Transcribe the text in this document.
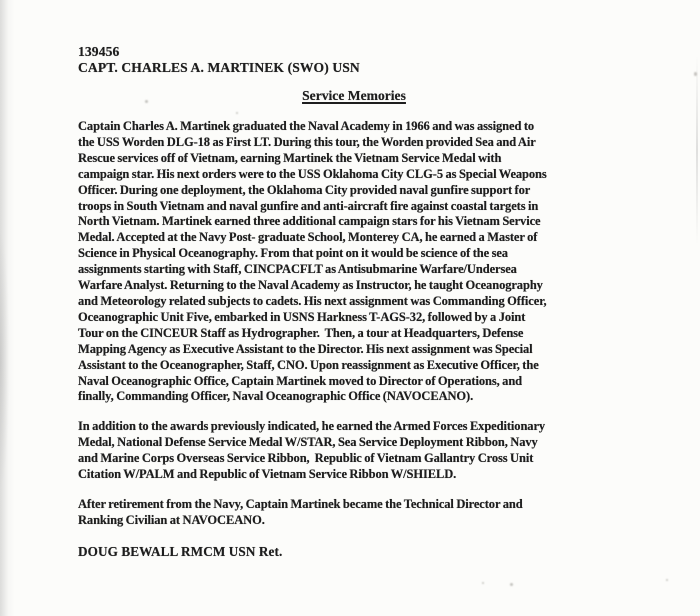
139456
CAPT. CHARLES A. MARTINEK (SWO) USN
Service Memories
Captain Charles A. Martinek graduated the Naval Academy in 1966 and was assigned to
the USS Worden DLG-18 as First LT. During this tour, the Worden provided Sea and Air
Rescue services off of Vietnam, earning Martinek the Vietnam Service Medal with
campaign star. His next orders were to the USS Oklahoma City CLG-5 as Special Weapons
Officer. During one deployment, the Oklahoma City provided naval gunfire support for
troops in South Vietnam and naval gunfire and anti-aircraft fire against coastal targets in
North Vietnam. Martinek earned three additional campaign stars for his Vietnam Service
Medal. Accepted at the Navy Post- graduate School, Monterey CA, he earned a Master of
Science in Physical Oceanography. From that point on it would be science of the sea
assignments starting with Staff, CINCPACFLT as Antisubmarine Warfare/Undersea
Warfare Analyst. Returning to the Naval Academy as Instructor, he taught Oceanography
and Meteorology related subjects to cadets. His next assignment was Commanding Officer,
Oceanographic Unit Five, embarked in USNS Harkness T-AGS-32, followed by a Joint
Tour on the CINCEUR Staff as Hydrographer.  Then, a tour at Headquarters, Defense
Mapping Agency as Executive Assistant to the Director. His next assignment was Special
Assistant to the Oceanographer, Staff, CNO. Upon reassignment as Executive Officer, the
Naval Oceanographic Office, Captain Martinek moved to Director of Operations, and
finally, Commanding Officer, Naval Oceanographic Office (NAVOCEANO).
In addition to the awards previously indicated, he earned the Armed Forces Expeditionary
Medal, National Defense Service Medal W/STAR, Sea Service Deployment Ribbon, Navy
and Marine Corps Overseas Service Ribbon,  Republic of Vietnam Gallantry Cross Unit
Citation W/PALM and Republic of Vietnam Service Ribbon W/SHIELD.
After retirement from the Navy, Captain Martinek became the Technical Director and
Ranking Civilian at NAVOCEANO.
DOUG BEWALL RMCM USN Ret.
